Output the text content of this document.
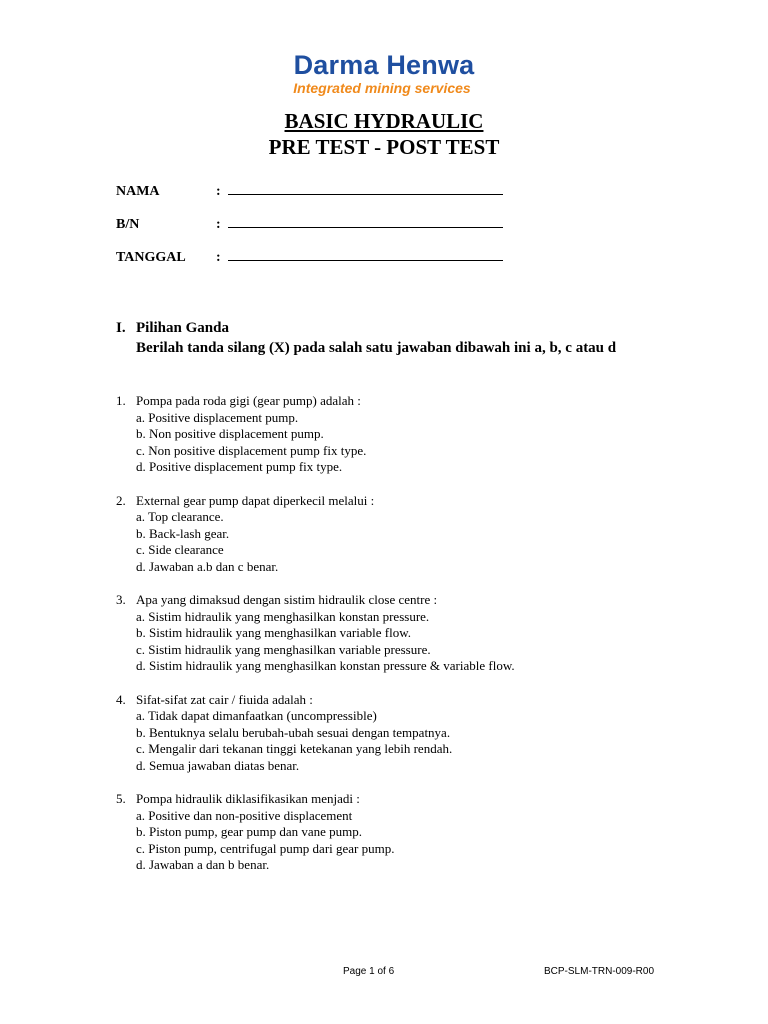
Darma Henwa
Integrated mining services
BASIC HYDRAULIC
PRE TEST - POST TEST
NAMA	:
B/N	:
TANGGAL :
I. Pilihan Ganda
Berilah tanda silang (X) pada salah satu jawaban dibawah ini a, b, c atau d
1. Pompa pada roda gigi (gear pump) adalah :
a. Positive displacement pump.
b. Non positive displacement pump.
c. Non positive displacement pump fix type.
d. Positive displacement pump fix type.
2. External gear pump dapat diperkecil melalui :
a. Top clearance.
b. Back-lash gear.
c. Side clearance
d. Jawaban a.b dan c benar.
3. Apa yang dimaksud dengan sistim hidraulik close centre :
a. Sistim hidraulik yang menghasilkan konstan pressure.
b. Sistim hidraulik yang menghasilkan variable flow.
c. Sistim hidraulik yang menghasilkan variable pressure.
d. Sistim hidraulik yang menghasilkan konstan pressure & variable flow.
4. Sifat-sifat zat cair / fiuida adalah :
a. Tidak dapat dimanfaatkan (uncompressible)
b. Bentuknya selalu berubah-ubah sesuai dengan tempatnya.
c. Mengalir dari tekanan tinggi ketekanan yang lebih rendah.
d. Semua jawaban diatas benar.
5. Pompa hidraulik diklasifikasikan menjadi :
a. Positive dan non-positive displacement
b. Piston pump, gear pump dan vane pump.
c. Piston pump, centrifugal pump dari gear pump.
d. Jawaban a dan b benar.
Page 1 of 6	BCP-SLM-TRN-009-R00
